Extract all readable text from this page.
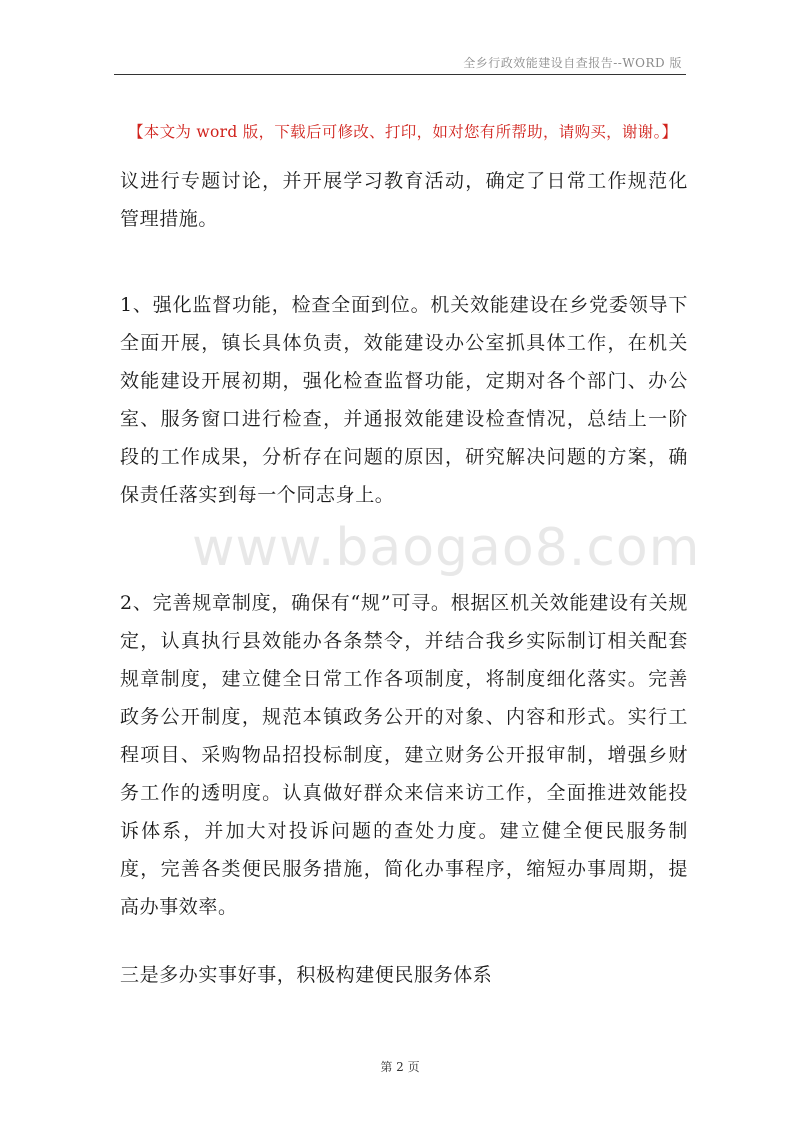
全乡行政效能建设自查报告--WORD 版
【本文为 word 版，下载后可修改、打印，如对您有所帮助，请购买，谢谢。】

议进行专题讨论，并开展学习教育活动，确定了日常工作规范化管理措施。

1、强化监督功能，检查全面到位。机关效能建设在乡党委领导下全面开展，镇长具体负责，效能建设办公室抓具体工作，在机关效能建设开展初期，强化检查监督功能，定期对各个部门、办公室、服务窗口进行检查，并通报效能建设检查情况，总结上一阶段的工作成果，分析存在问题的原因，研究解决问题的方案，确保责任落实到每一个同志身上。

2、完善规章制度，确保有“规”可寻。根据区机关效能建设有关规定，认真执行县效能办各条禁令，并结合我乡实际制订相关配套规章制度，建立健全日常工作各项制度，将制度细化落实。完善政务公开制度，规范本镇政务公开的对象、内容和形式。实行工程项目、采购物品招投标制度，建立财务公开报审制，增强乡财务工作的透明度。认真做好群众来信来访工作，全面推进效能投诉体系，并加大对投诉问题的查处力度。建立健全便民服务制度，完善各类便民服务措施，简化办事程序，缩短办事周期，提高办事效率。

三是多办实事好事，积极构建便民服务体系

www.baogao8.com
第 2 页
